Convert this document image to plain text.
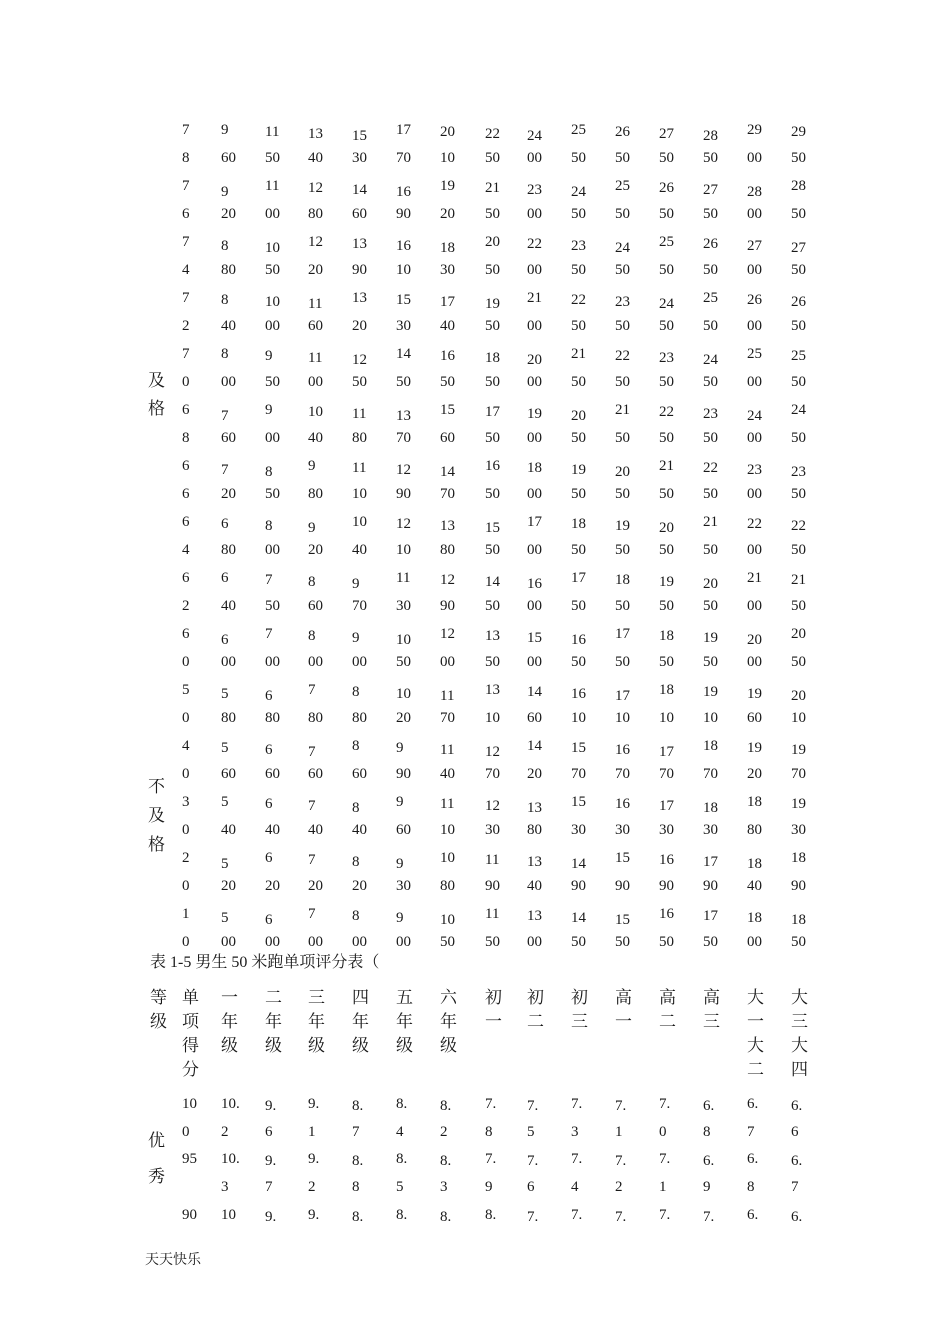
7
8
9
60
11
50
13
40
15
30
17
70
20
10
22
50
24
00
25
50
26
50
27
50
28
50
29
00
29
50
7
6
9
20
11
00
12
80
14
60
16
90
19
20
21
50
23
00
24
50
25
50
26
50
27
50
28
00
28
50
7
4
8
80
10
50
12
20
13
90
16
10
18
30
20
50
22
00
23
50
24
50
25
50
26
50
27
00
27
50
7
2
8
40
10
00
11
60
13
20
15
30
17
40
19
50
21
00
22
50
23
50
24
50
25
50
26
00
26
50
7
0
8
00
9
50
11
00
12
50
14
50
16
50
18
50
20
00
21
50
22
50
23
50
24
50
25
00
25
50
6
8
7
60
9
00
10
40
11
80
13
70
15
60
17
50
19
00
20
50
21
50
22
50
23
50
24
00
24
50
6
6
7
20
8
50
9
80
11
10
12
90
14
70
16
50
18
00
19
50
20
50
21
50
22
50
23
00
23
50
6
4
6
80
8
00
9
20
10
40
12
10
13
80
15
50
17
00
18
50
19
50
20
50
21
50
22
00
22
50
6
2
6
40
7
50
8
60
9
70
11
30
12
90
14
50
16
00
17
50
18
50
19
50
20
50
21
00
21
50
6
0
6
00
7
00
8
00
9
00
10
50
12
00
13
50
15
00
16
50
17
50
18
50
19
50
20
00
20
50
5
0
5
80
6
80
7
80
8
80
10
20
11
70
13
10
14
60
16
10
17
10
18
10
19
10
19
60
20
10
4
0
5
60
6
60
7
60
8
60
9
90
11
40
12
70
14
20
15
70
16
70
17
70
18
70
19
20
19
70
3
0
5
40
6
40
7
40
8
40
9
60
11
10
12
30
13
80
15
30
16
30
17
30
18
30
18
80
19
30
2
0
5
20
6
20
7
20
8
20
9
30
10
80
11
90
13
40
14
90
15
90
16
90
17
90
18
40
18
90
1
0
5
00
6
00
7
00
8
00
9
00
10
50
11
50
13
00
14
50
15
50
16
50
17
50
18
00
18
50
及
格
不
及
格
表 1-5 男生 50 米跑单项评分表（
等
级
单
项
得
分
一
年
级
二
年
级
三
年
级
四
年
级
五
年
级
六
年
级
初
一
初
二
初
三
高
一
高
二
高
三
大
一
大
二
大
三
大
四
优
秀
10
0
10.
2
9.
6
9.
1
8.
7
8.
4
8.
2
7.
8
7.
5
7.
3
7.
1
7.
0
6.
8
6.
7
6.
6
95 10.
3
9.
7
9.
2
8.
8
8.
5
8.
3
7.
9
7.
6
7.
4
7.
2
7.
1
6.
9
6.
8
6.
7
90 10 9. 9. 8. 8. 8. 8. 7. 7. 7. 7. 7. 6. 6.
天天快乐
